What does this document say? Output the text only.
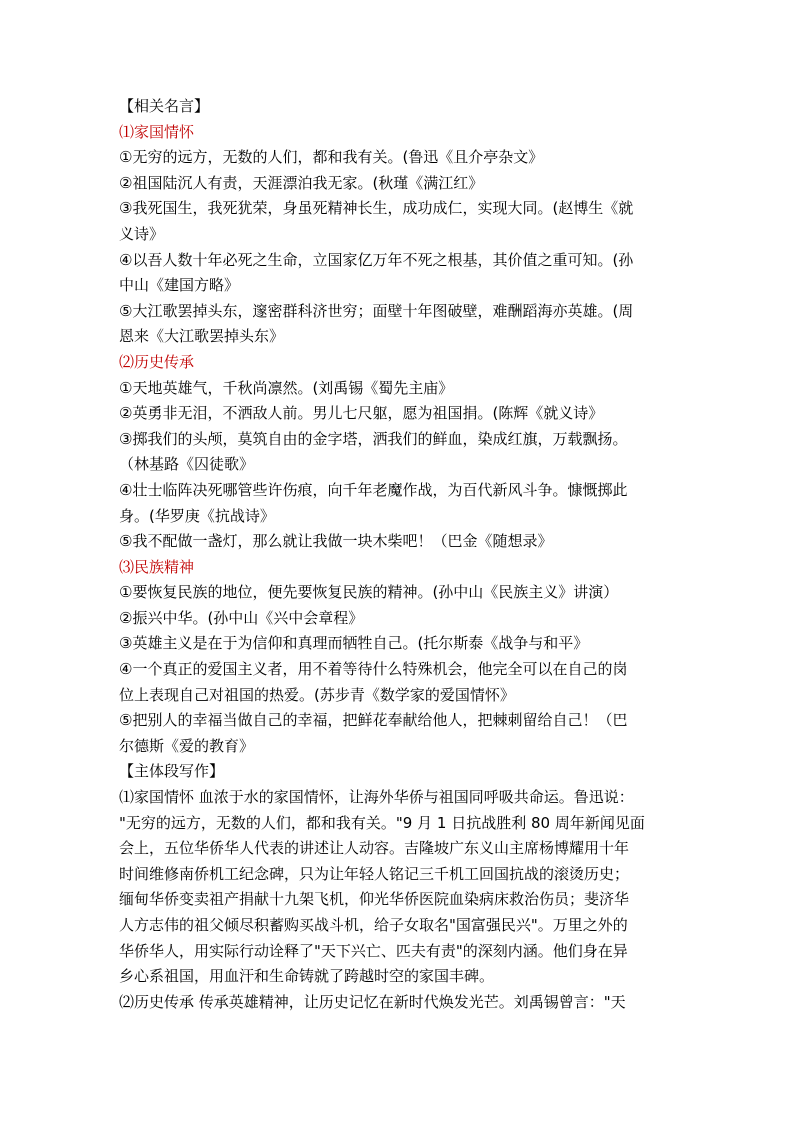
【相关名言】
⑴家国情怀
①无穷的远方，无数的人们，都和我有关。(鲁迅《且介亭杂文》
②祖国陆沉人有责，天涯漂泊我无家。(秋瑾《满江红》
③我死国生，我死犹荣，身虽死精神长生，成功成仁，实现大同。(赵博生《就
义诗》
④以吾人数十年必死之生命，立国家亿万年不死之根基，其价值之重可知。(孙
中山《建国方略》
⑤大江歌罢掉头东，邃密群科济世穷；面壁十年图破壁，难酬蹈海亦英雄。(周
恩来《大江歌罢掉头东》
⑵历史传承
①天地英雄气，千秋尚凛然。(刘禹锡《蜀先主庙》
②英勇非无泪，不洒敌人前。男儿七尺躯，愿为祖国捐。(陈辉《就义诗》
③掷我们的头颅，莫筑自由的金字塔，洒我们的鲜血，染成红旗，万载飘扬。
（林基路《囚徒歌》
④壮士临阵决死哪管些许伤痕，向千年老魔作战，为百代新风斗争。慷慨掷此
身。(华罗庚《抗战诗》
⑤我不配做一盏灯，那么就让我做一块木柴吧！（巴金《随想录》
⑶民族精神
①要恢复民族的地位，便先要恢复民族的精神。(孙中山《民族主义》讲演）
②振兴中华。(孙中山《兴中会章程》
③英雄主义是在于为信仰和真理而牺牲自己。(托尔斯泰《战争与和平》
④一个真正的爱国主义者，用不着等待什么特殊机会，他完全可以在自己的岗
位上表现自己对祖国的热爱。(苏步青《数学家的爱国情怀》
⑤把别人的幸福当做自己的幸福，把鲜花奉献给他人，把棘刺留给自己！（巴
尔德斯《爱的教育》
【主体段写作】
⑴家国情怀 血浓于水的家国情怀，让海外华侨与祖国同呼吸共命运。鲁迅说：
"无穷的远方，无数的人们，都和我有关。"9 月 1 日抗战胜利 80 周年新闻见面
会上，五位华侨华人代表的讲述让人动容。吉隆坡广东义山主席杨博耀用十年
时间维修南侨机工纪念碑，只为让年轻人铭记三千机工回国抗战的滚烫历史；
缅甸华侨变卖祖产捐献十九架飞机，仰光华侨医院血染病床救治伤员；斐济华
人方志伟的祖父倾尽积蓄购买战斗机，给子女取名"国富强民兴"。万里之外的
华侨华人，用实际行动诠释了"天下兴亡、匹夫有责"的深刻内涵。他们身在异
乡心系祖国，用血汗和生命铸就了跨越时空的家国丰碑。
⑵历史传承 传承英雄精神，让历史记忆在新时代焕发光芒。刘禹锡曾言："天
